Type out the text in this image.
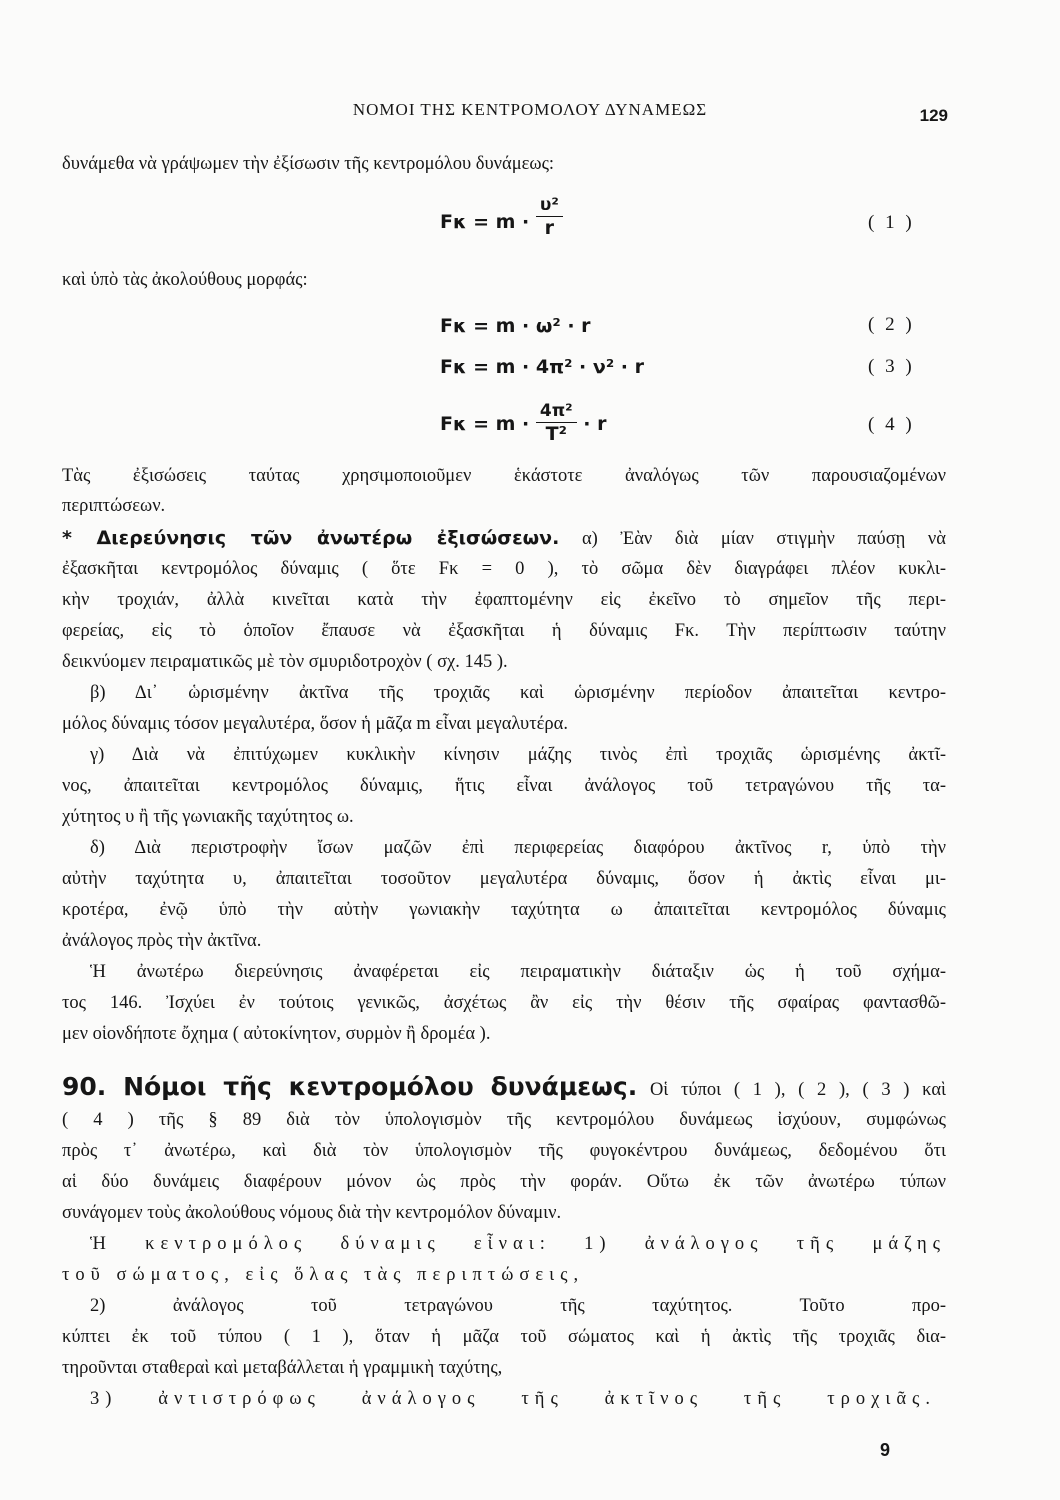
ΝΟΜΟΙ ΤΗΣ ΚΕΝΤΡΟΜΟΛΟΥ ΔΥΝΑΜΕΩΣ	129
δυνάμεθα νὰ γράψωμεν τὴν ἐξίσωσιν τῆς κεντρομόλου δυνάμεως:
$F\kappa = m \cdot \frac{\text{υ²}}{r}$	( 1 )
καὶ ὑπὸ τὰς ἀκολούθους μορφάς:
Fκ = m · ω² · r	( 2 )
Fκ = m · 4π² · ν² · r	( 3 )
$F\kappa = m \cdot \frac{\text{4π²}}{\text{T²}} \cdot r$	( 4 )
Τὰς ἐξισώσεις ταύτας χρησιμοποιοῦμεν ἑκάστοτε ἀναλόγως τῶν παρουσιαζομένων
περιπτώσεων.
* Διερεύνησις τῶν ἀνωτέρω ἐξισώσεων. α) Ἐὰν διὰ μίαν στιγμὴν παύσῃ νὰ
ἐξασκῆται κεντρομόλος δύναμις ( ὅτε Fκ = 0 ), τὸ σῶμα δὲν διαγράφει πλέον κυκλι-
κὴν τροχιάν, ἀλλὰ κινεῖται κατὰ τὴν ἐφαπτομένην εἰς ἐκεῖνο τὸ σημεῖον τῆς περι-
φερείας, εἰς τὸ ὁποῖον ἔπαυσε νὰ ἐξασκῆται ἡ δύναμις Fκ. Τὴν περίπτωσιν ταύτην
δεικνύομεν πειραματικῶς μὲ τὸν σμυριδοτροχὸν ( σχ. 145 ).
β) Δι᾽ ὡρισμένην ἀκτῖνα τῆς τροχιᾶς καὶ ὡρισμένην περίοδον ἀπαιτεῖται κεντρο-
μόλος δύναμις τόσον μεγαλυτέρα, ὅσον ἡ μᾶζα m εἶναι μεγαλυτέρα.
γ) Διὰ νὰ ἐπιτύχωμεν κυκλικὴν κίνησιν μάζης τινὸς ἐπὶ τροχιᾶς ὡρισμένης ἀκτῖ-
νος, ἀπαιτεῖται κεντρομόλος δύναμις, ἥτις εἶναι ἀνάλογος τοῦ τετραγώνου τῆς τα-
χύτητος υ ἢ τῆς γωνιακῆς ταχύτητος ω.
δ) Διὰ περιστροφὴν ἴσων μαζῶν ἐπὶ περιφερείας διαφόρου ἀκτῖνος r, ὑπὸ τὴν
αὐτὴν ταχύτητα υ, ἀπαιτεῖται τοσοῦτον μεγαλυτέρα δύναμις, ὅσον ἡ ἀκτὶς εἶναι μι-
κροτέρα, ἐνῷ ὑπὸ τὴν αὐτὴν γωνιακὴν ταχύτητα ω ἀπαιτεῖται κεντρομόλος δύναμις
ἀνάλογος πρὸς τὴν ἀκτῖνα.
Ἡ ἀνωτέρω διερεύνησις ἀναφέρεται εἰς πειραματικὴν διάταξιν ὡς ἡ τοῦ σχήμα-
τος 146. Ἰσχύει ἐν τούτοις γενικῶς, ἀσχέτως ἂν εἰς τὴν θέσιν τῆς σφαίρας φαντασθῶ-
μεν οἱονδήποτε ὄχημα ( αὐτοκίνητον, συρμὸν ἢ δρομέα ).
90. Νόμοι τῆς κεντρομόλου δυνάμεως. Οἱ τύποι ( 1 ), ( 2 ), ( 3 ) καὶ
( 4 ) τῆς § 89 διὰ τὸν ὑπολογισμὸν τῆς κεντρομόλου δυνάμεως ἰσχύουν, συμφώνως
πρὸς τ᾽ ἀνωτέρω, καὶ διὰ τὸν ὑπολογισμὸν τῆς φυγοκέντρου δυνάμεως, δεδομένου ὅτι
αἱ δύο δυνάμεις διαφέρουν μόνον ὡς πρὸς τὴν φοράν. Οὕτω ἐκ τῶν ἀνωτέρω τύπων
συνάγομεν τοὺς ἀκολούθους νόμους διὰ τὴν κεντρομόλον δύναμιν.
Ἡ κεντρομόλος δύναμις εἶναι: 1) ἀνάλογος τῆς μάζης
τοῦ σώματος, εἰς ὅλας τὰς περιπτώσεις,
2) ἀνάλογος τοῦ τετραγώνου τῆς ταχύτητος. Τοῦτο προ-
κύπτει ἐκ τοῦ τύπου ( 1 ), ὅταν ἡ μᾶζα τοῦ σώματος καὶ ἡ ἀκτὶς τῆς τροχιᾶς δια-
τηροῦνται σταθεραὶ καὶ μεταβάλλεται ἡ γραμμικὴ ταχύτης,
3) ἀντιστρόφως ἀνάλογος τῆς ἀκτῖνος τῆς τροχιᾶς.
9
